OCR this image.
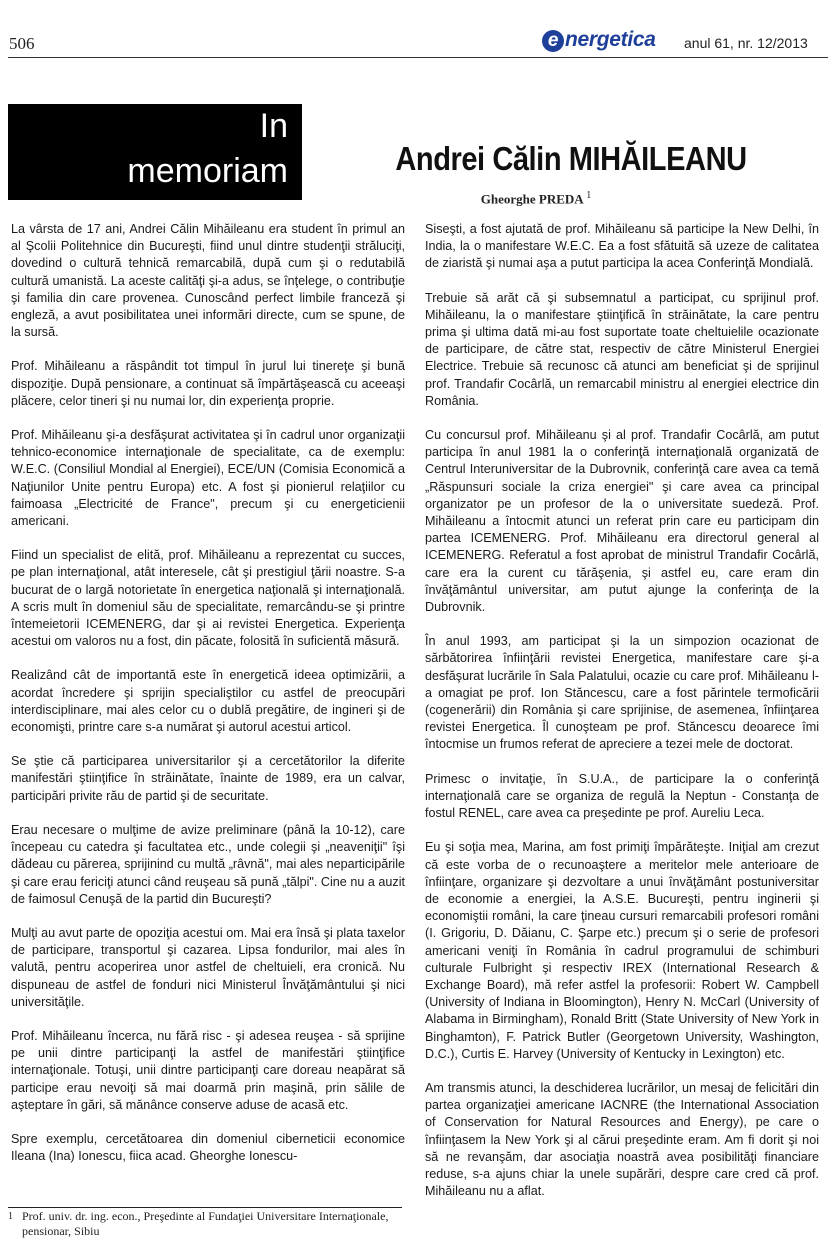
506	e nergetica anul 61, nr. 12/2013
In
memoriam	Andrei Călin MIHĂILEANU
Gheorghe PREDA $^1$

La vârsta de 17 ani, Andrei Călin Mihăileanu era student în primul an al Şcolii Politehnice din Bucureşti, fiind unul dintre studenţii străluciţi, dovedind o cultură tehnică remarcabilă, după cum şi o redutabilă cultură umanistă. La aceste calităţi şi-a adus, se înţelege, o contribuţie şi familia din care provenea. Cunoscând perfect limbile franceză şi engleză, a avut posibilitatea unei informări directe, cum se spune, de la sursă.

Prof. Mihăileanu a răspândit tot timpul în jurul lui tinereţe şi bună dispoziţie. După pensionare, a continuat să împărtăşească cu aceeaşi plăcere, celor tineri şi nu numai lor, din experienţa proprie.

Prof. Mihăileanu şi-a desfăşurat activitatea şi în cadrul unor organizaţii tehnico-economice internaţionale de specialitate, ca de exemplu: W.E.C. (Consiliul Mondial al Energiei), ECE/UN (Comisia Economică a Naţiunilor Unite pentru Europa) etc. A fost şi pionierul relaţiilor cu faimoasa „Electricité de France", precum şi cu energeticienii americani.

Fiind un specialist de elită, prof. Mihăileanu a reprezentat cu succes, pe plan internaţional, atât interesele, cât şi prestigiul ţării noastre. S-a bucurat de o largă notorietate în energetica naţională şi internaţională. A scris mult în domeniul său de specialitate, remarcându-se şi printre întemeietorii ICEMENERG, dar şi ai revistei Energetica. Experienţa acestui om valoros nu a fost, din păcate, folosită în suficientă măsură.

Realizând cât de importantă este în energetică ideea optimizării, a acordat încredere şi sprijin specialiştilor cu astfel de preocupări interdisciplinare, mai ales celor cu o dublă pregătire, de ingineri şi de economişti, printre care s-a numărat şi autorul acestui articol.

Se ştie că participarea universitarilor şi a cercetătorilor la diferite manifestări ştiinţifice în străinătate, înainte de 1989, era un calvar, participări privite rău de partid şi de securitate.

Erau necesare o mulţime de avize preliminare (până la 10-12), care începeau cu catedra şi facultatea etc., unde colegii şi „neaveniţii" îşi dădeau cu părerea, sprijinind cu multă „râvnă", mai ales neparticipările şi care erau fericiţi atunci când reuşeau să pună „tălpi". Cine nu a auzit de faimosul Cenuşă de la partid din Bucureşti?

Mulţi au avut parte de opoziţia acestui om. Mai era însă şi plata taxelor de participare, transportul şi cazarea. Lipsa fondurilor, mai ales în valută, pentru acoperirea unor astfel de cheltuieli, era cronică. Nu dispuneau de astfel de fonduri nici Ministerul Învăţământului şi nici universităţile.

Prof. Mihăileanu încerca, nu fără risc - şi adesea reuşea - să sprijine pe unii dintre participanţi la astfel de manifestări ştiinţifice internaţionale. Totuşi, unii dintre participanţi care doreau neapărat să participe erau nevoiţi să mai doarmă prin maşină, prin sălile de aşteptare în gări, să mănânce conserve aduse de acasă etc.

Spre exemplu, cercetătoarea din domeniul ciberneticii economice Ileana (Ina) Ionescu, fiica acad. Gheorghe Ionescu-

Siseşti, a fost ajutată de prof. Mihăileanu să participe la New Delhi, în India, la o manifestare W.E.C. Ea a fost sfătuită să uzeze de calitatea de ziaristă şi numai aşa a putut participa la acea Conferinţă Mondială.

Trebuie să arăt că şi subsemnatul a participat, cu sprijinul prof. Mihăileanu, la o manifestare ştiinţifică în străinătate, la care pentru prima şi ultima dată mi-au fost suportate toate cheltuielile ocazionate de participare, de către stat, respectiv de către Ministerul Energiei Electrice. Trebuie să recunosc că atunci am beneficiat şi de sprijinul prof. Trandafir Cocârlă, un remarcabil ministru al energiei electrice din România.

Cu concursul prof. Mihăileanu şi al prof. Trandafir Cocârlă, am putut participa în anul 1981 la o conferinţă internaţională organizată de Centrul Interuniversitar de la Dubrovnik, conferinţă care avea ca temă „Răspunsuri sociale la criza energiei" şi care avea ca principal organizator pe un profesor de la o universitate suedeză. Prof. Mihăileanu a întocmit atunci un referat prin care eu participam din partea ICEMENERG. Prof. Mihăileanu era directorul general al ICEMENERG. Referatul a fost aprobat de ministrul Trandafir Cocârlă, care era la curent cu tărăşenia, şi astfel eu, care eram din învăţământul universitar, am putut ajunge la conferinţa de la Dubrovnik.

În anul 1993, am participat şi la un simpozion ocazionat de sărbătorirea înfiinţării revistei Energetica, manifestare care şi-a desfăşurat lucrările în Sala Palatului, ocazie cu care prof. Mihăileanu l-a omagiat pe prof. Ion Stăncescu, care a fost părintele termoficării (cogenerării) din România şi care sprijinise, de asemenea, înfiinţarea revistei Energetica. Îl cunoşteam pe prof. Stăncescu deoarece îmi întocmise un frumos referat de apreciere a tezei mele de doctorat.

Primesc o invitaţie, în S.U.A., de participare la o conferinţă internaţională care se organiza de regulă la Neptun - Constanţa de fostul RENEL, care avea ca preşedinte pe prof. Aureliu Leca.

Eu şi soţia mea, Marina, am fost primiţi împărăteşte. Iniţial am crezut că este vorba de o recunoaştere a meritelor mele anterioare de înfiinţare, organizare şi dezvoltare a unui învăţământ postuniversitar de economie a energiei, la A.S.E. Bucureşti, pentru inginerii şi economiştii români, la care ţineau cursuri remarcabili profesori români (I. Grigoriu, D. Dăianu, C. Şarpe etc.) precum şi o serie de profesori americani veniţi în România în cadrul programului de schimburi culturale Fulbright şi respectiv IREX (International Research & Exchange Board), mă refer astfel la profesorii: Robert W. Campbell (University of Indiana in Bloomington), Henry N. McCarl (University of Alabama in Birmingham), Ronald Britt (State University of New York in Binghamton), F. Patrick Butler (Georgetown University, Washington, D.C.), Curtis E. Harvey (University of Kentucky in Lexington) etc.

Am transmis atunci, la deschiderea lucrărilor, un mesaj de felicitări din partea organizaţiei americane IACNRE (the International Association of Conservation for Natural Resources and Energy), pe care o înfiinţasem la New York şi al cărui preşedinte eram. Am fi dorit şi noi să ne revanşăm, dar asociaţia noastră avea posibilităţi financiare reduse, s-a ajuns chiar la unele supărări, despre care cred că prof. Mihăileanu nu a aflat.

1 Prof. univ. dr. ing. econ., Preşedinte al Fundaţiei Universitare Internaţionale, pensionar, Sibiu
